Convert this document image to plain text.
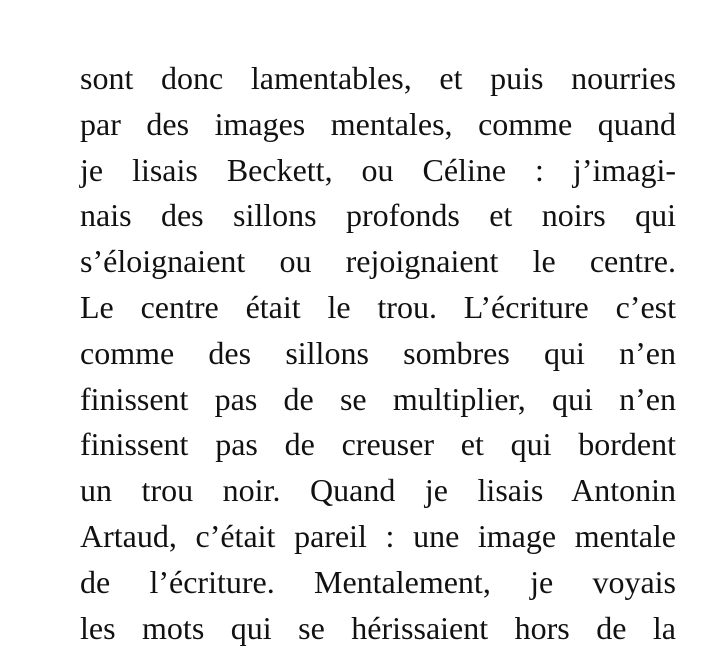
sont donc lamentables, et puis nourries
par des images mentales, comme quand
je lisais Beckett, ou Céline : j’imagi-
nais des sillons profonds et noirs qui
s’éloignaient ou rejoignaient le centre.
Le centre était le trou. L’écriture c’est
comme des sillons sombres qui n’en
finissent pas de se multiplier, qui n’en
finissent pas de creuser et qui bordent
un trou noir. Quand je lisais Antonin
Artaud, c’était pareil : une image mentale
de l’écriture. Mentalement, je voyais
les mots qui se hérissaient hors de la
